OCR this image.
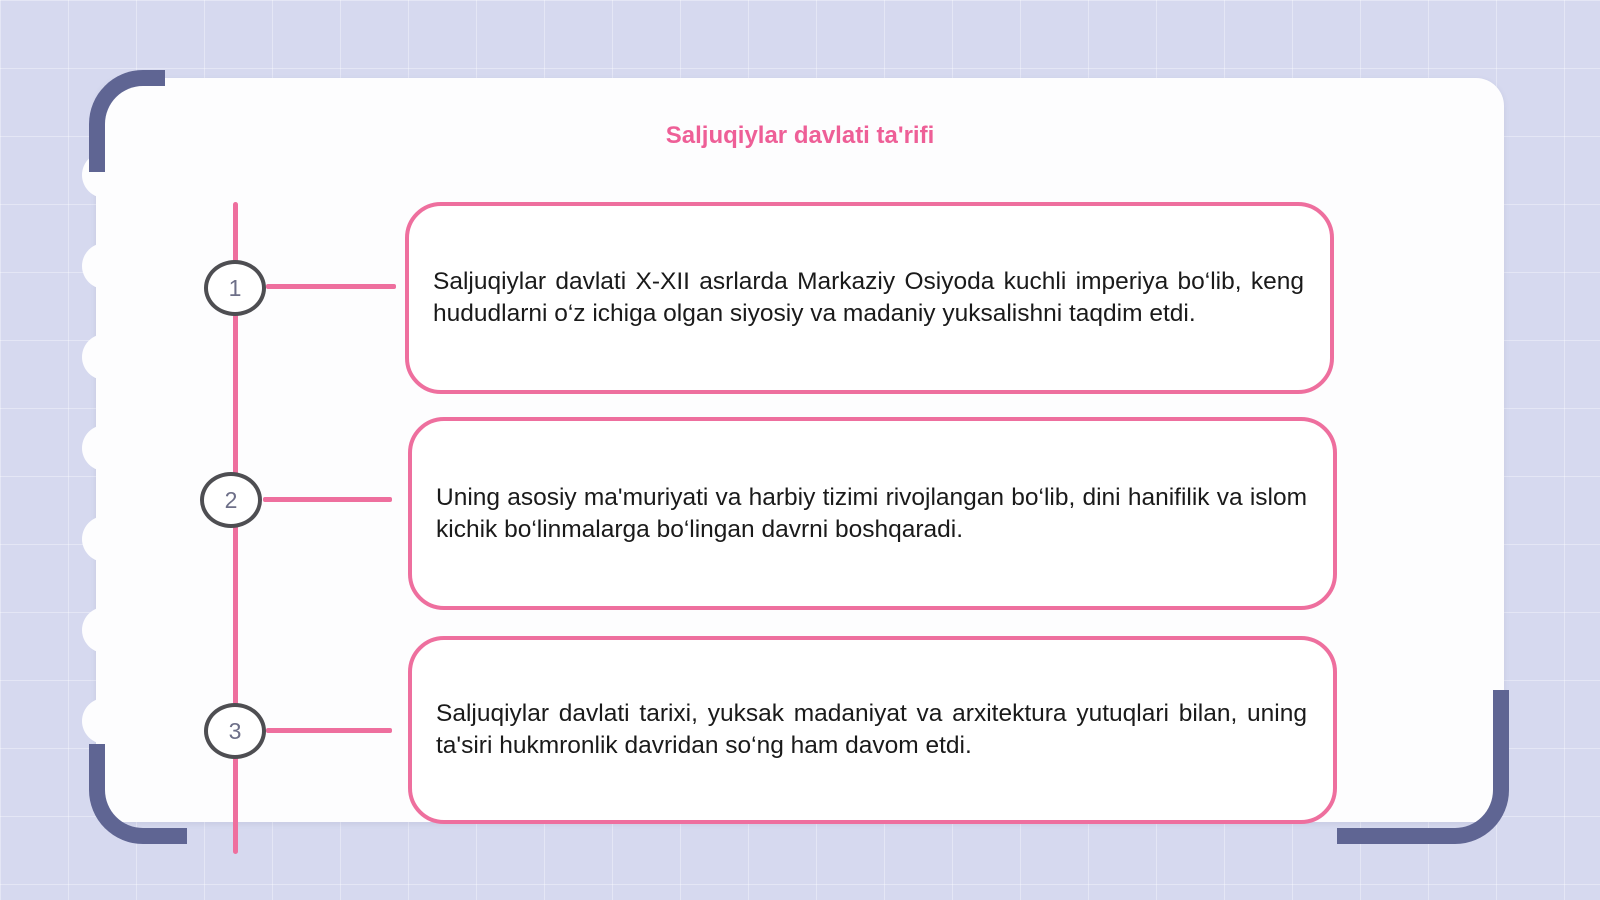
Saljuqiylar davlati ta'rifi
1	Saljuqiylar davlati X-XII asrlarda Markaziy Osiyoda kuchli imperiya bo‘lib, keng hududlarni o‘z ichiga olgan siyosiy va madaniy yuksalishni taqdim etdi.
2	Uning asosiy ma'muriyati va harbiy tizimi rivojlangan bo‘lib, dini hanifilik va islom kichik bo‘linmalarga bo‘lingan davrni boshqaradi.
3
Saljuqiylar davlati tarixi, yuksak madaniyat va arxitektura yutuqlari bilan, uning ta'siri hukmronlik davridan so‘ng ham davom etdi.
